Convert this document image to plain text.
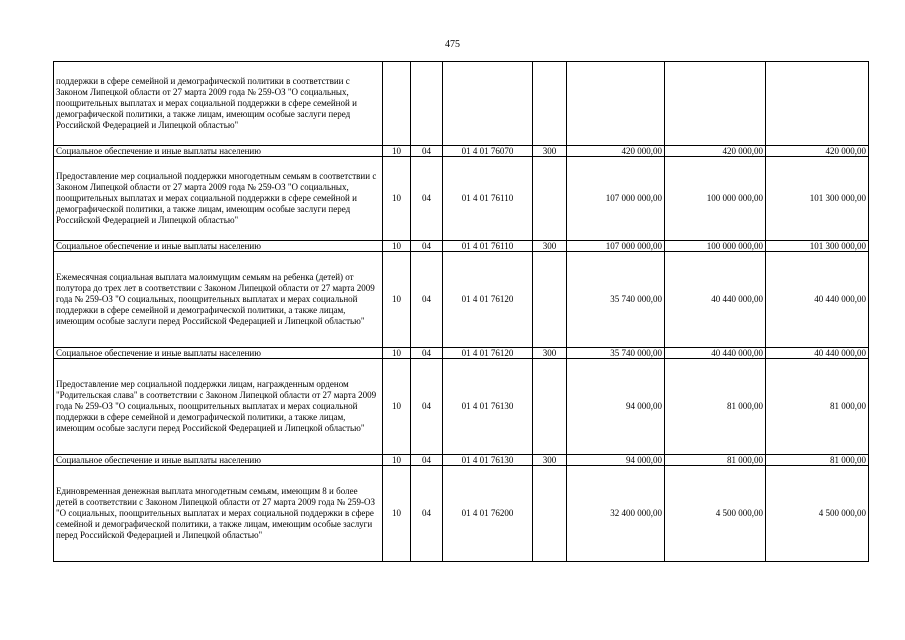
475
поддержки в сфере семейной и демографической политики в соответствии с Законом Липецкой области от 27 марта 2009 года № 259-ОЗ "О социальных, поощрительных выплатах и мерах социальной поддержки в сфере семейной и демографической политики, а также лицам, имеющим особые заслуги перед Российской Федерацией и Липецкой областью"							
Социальное обеспечение и иные выплаты населению	10	04	01 4 01 76070	300	420 000,00	420 000,00	420 000,00
Предоставление мер социальной поддержки многодетным семьям в соответствии с Законом Липецкой области от 27 марта 2009 года № 259-ОЗ "О социальных, поощрительных выплатах и мерах социальной поддержки в сфере семейной и демографической политики, а также лицам, имеющим особые заслуги перед Российской Федерацией и Липецкой областью"	10	04	01 4 01 76110		107 000 000,00	100 000 000,00	101 300 000,00
Социальное обеспечение и иные выплаты населению	10	04	01 4 01 76110	300	107 000 000,00	100 000 000,00	101 300 000,00
Ежемесячная социальная выплата малоимущим семьям на ребенка (детей) от полутора до трех лет в соответствии с Законом Липецкой области от 27 марта 2009 года № 259-ОЗ "О социальных, поощрительных выплатах и мерах социальной поддержки в сфере семейной и демографической политики, а также лицам, имеющим особые заслуги перед Российской Федерацией и Липецкой областью"	10	04	01 4 01 76120		35 740 000,00	40 440 000,00	40 440 000,00
Социальное обеспечение и иные выплаты населению	10	04	01 4 01 76120	300	35 740 000,00	40 440 000,00	40 440 000,00
Предоставление мер социальной поддержки лицам, награжденным орденом "Родительская слава" в соответствии с Законом Липецкой области от 27 марта 2009 года № 259-ОЗ "О социальных, поощрительных выплатах и мерах социальной поддержки в сфере семейной и демографической политики, а также лицам, имеющим особые заслуги перед Российской Федерацией и Липецкой областью"	10	04	01 4 01 76130		94 000,00	81 000,00	81 000,00
Социальное обеспечение и иные выплаты населению	10	04	01 4 01 76130	300	94 000,00	81 000,00	81 000,00
Единовременная денежная выплата многодетным семьям, имеющим 8 и более детей в соответствии с Законом Липецкой области от 27 марта 2009 года № 259-ОЗ "О социальных, поощрительных выплатах и мерах социальной поддержки в сфере семейной и демографической политики, а также лицам, имеющим особые заслуги перед Российской Федерацией и Липецкой областью"	10	04	01 4 01 76200		32 400 000,00	4 500 000,00	4 500 000,00
